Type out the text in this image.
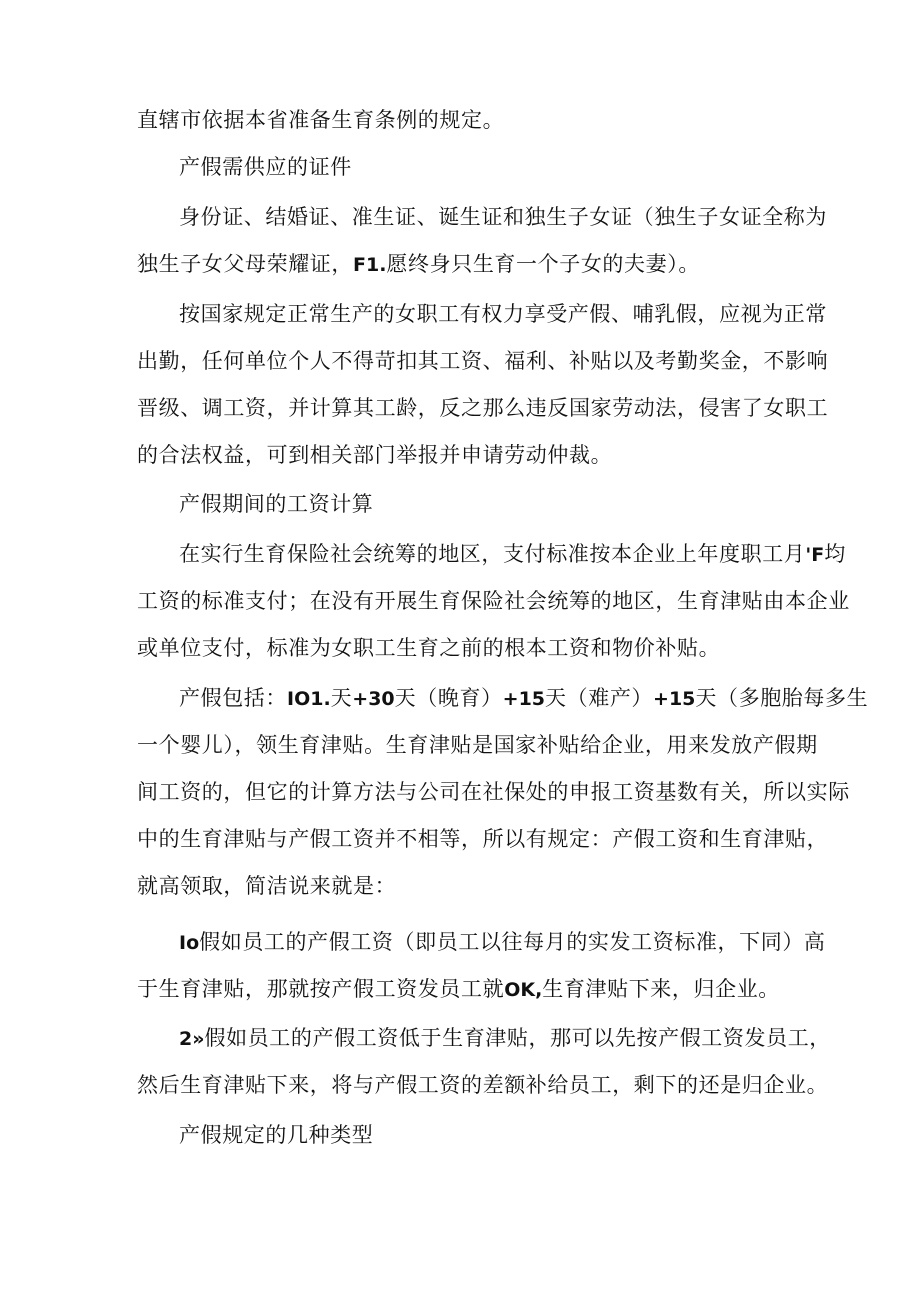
直辖市依据本省准备生育条例的规定。
产假需供应的证件
身份证、结婚证、准生证、诞生证和独生子女证（独生子女证全称为
独生子女父母荣耀证，F1.愿终身只生育一个子女的夫妻）。
按国家规定正常生产的女职工有权力享受产假、哺乳假，应视为正常
出勤，任何单位个人不得苛扣其工资、福利、补贴以及考勤奖金，不影响
晋级、调工资，并计算其工龄，反之那么违反国家劳动法，侵害了女职工
的合法权益，可到相关部门举报并申请劳动仲裁。
产假期间的工资计算
在实行生育保险社会统筹的地区，支付标准按本企业上年度职工月'F均
工资的标准支付；在没有开展生育保险社会统筹的地区，生育津贴由本企业
或单位支付，标准为女职工生育之前的根本工资和物价补贴。
产假包括：IO1.天+30天（晚育）+15天（难产）+15天（多胞胎每多生
一个婴儿），领生育津贴。生育津贴是国家补贴给企业，用来发放产假期
间工资的，但它的计算方法与公司在社保处的申报工资基数有关，所以实际
中的生育津贴与产假工资并不相等，所以有规定：产假工资和生育津贴，
就高领取，简洁说来就是：
Io假如员工的产假工资（即员工以往每月的实发工资标准，下同）高
于生育津贴，那就按产假工资发员工就OK,生育津贴下来，归企业。
2»假如员工的产假工资低于生育津贴，那可以先按产假工资发员工，
然后生育津贴下来，将与产假工资的差额补给员工，剩下的还是归企业。
产假规定的几种类型
